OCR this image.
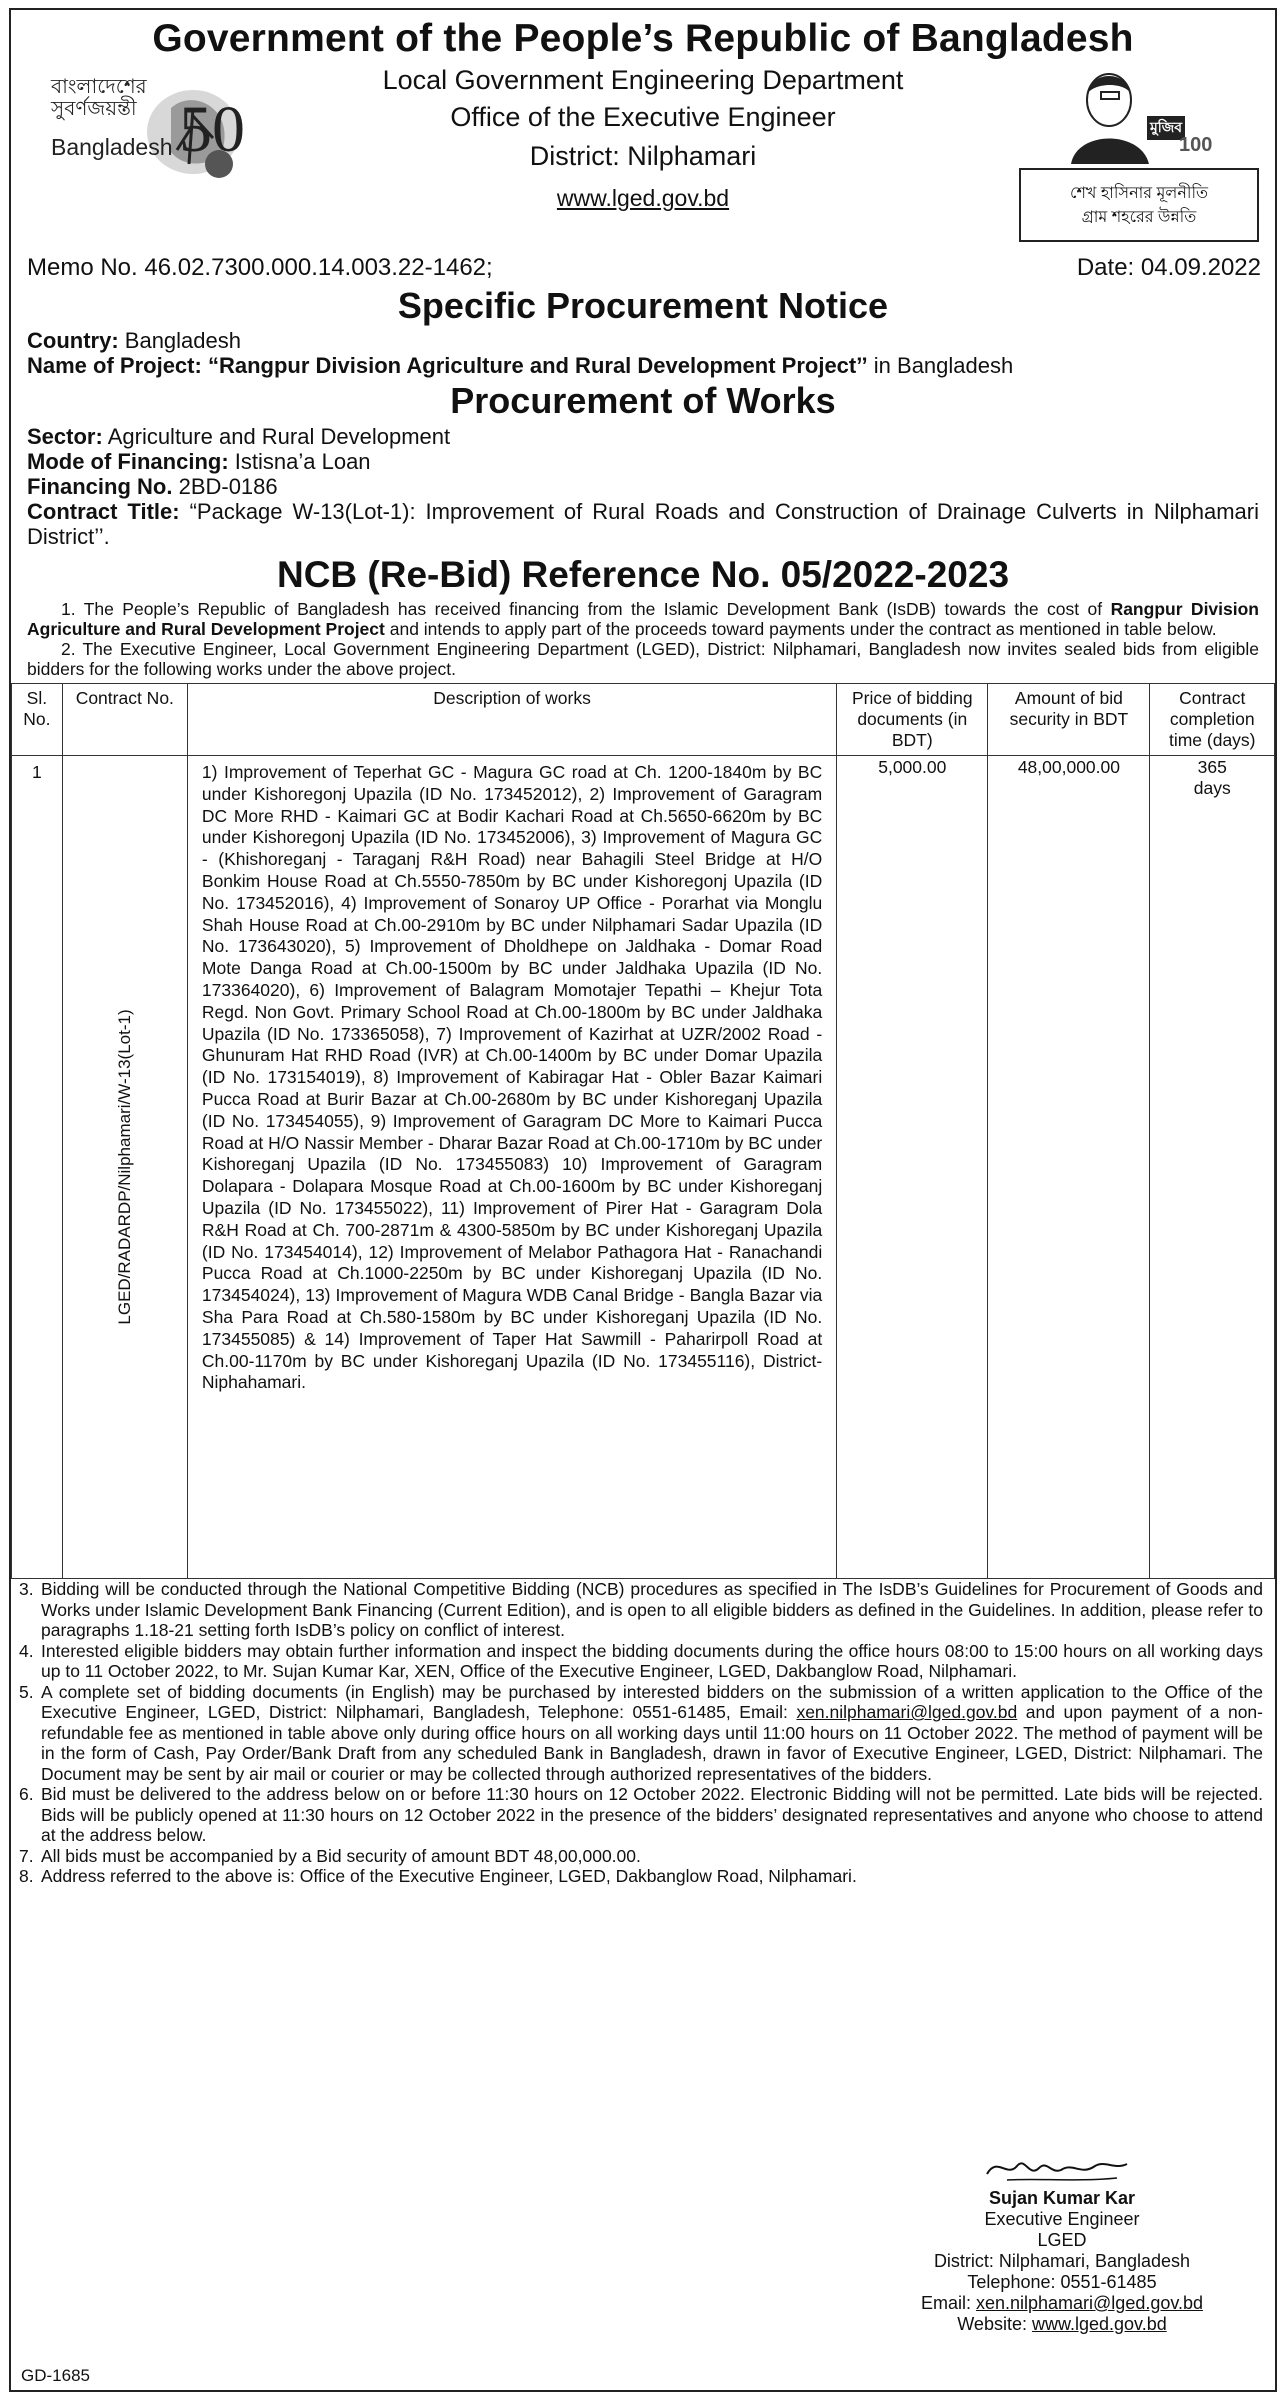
Government of the People’s Republic of Bangladesh
Local Government Engineering Department
Office of the Executive Engineer
District: Nilphamari
www.lged.gov.bd
বাংলাদেশের
সুবর্ণজয়ন্তী
Bangladesh 50	মুজিব
100
শেখ হাসিনার মূলনীতি
গ্রাম শহরের উন্নতি
Memo No. 46.02.7300.000.14.003.22-1462;	Date: 04.09.2022
Specific Procurement Notice
Country: Bangladesh
Name of Project: “Rangpur Division Agriculture and Rural Development Project’’ in Bangladesh
Procurement of Works
Sector: Agriculture and Rural Development
Mode of Financing: Istisna’a Loan
Financing No. 2BD-0186
Contract Title: “Package W-13(Lot-1): Improvement of Rural Roads and Construction of Drainage Culverts in Nilphamari District’’.
NCB (Re-Bid) Reference No. 05/2022-2023
1. The People’s Republic of Bangladesh has received financing from the Islamic Development Bank (IsDB) towards the cost of Rangpur Division Agriculture and Rural Development Project and intends to apply part of the proceeds toward payments under the contract as mentioned in table below.
2. The Executive Engineer, Local Government Engineering Department (LGED), District: Nilphamari, Bangladesh now invites sealed bids from eligible bidders for the following works under the above project.
Sl. No.	Contract No.	Description of works	Price of bidding documents (in BDT)	Amount of bid security in BDT	Contract completion time (days)
1	LGED/RADARDP/Nilphamari/W-13(Lot-1)	1) Improvement of Teperhat GC - Magura GC road at Ch. 1200-1840m by BC under Kishoregonj Upazila (ID No. 173452012), 2) Improvement of Garagram DC More RHD - Kaimari GC at Bodir Kachari Road at Ch.5650-6620m by BC under Kishoregonj Upazila (ID No. 173452006), 3) Improvement of Magura GC - (Khishoreganj - Taraganj R&H Road) near Bahagili Steel Bridge at H/O Bonkim House Road at Ch.5550-7850m by BC under Kishoregonj Upazila (ID No. 173452016), 4) Improvement of Sonaroy UP Office - Porarhat via Monglu Shah House Road at Ch.00-2910m by BC under Nilphamari Sadar Upazila (ID No. 173643020), 5) Improvement of Dholdhepe on Jaldhaka - Domar Road Mote Danga Road at Ch.00-1500m by BC under Jaldhaka Upazila (ID No. 173364020), 6) Improvement of Balagram Momotajer Tepathi – Khejur Tota Regd. Non Govt. Primary School Road at Ch.00-1800m by BC under Jaldhaka Upazila (ID No. 173365058), 7) Improvement of Kazirhat at UZR/2002 Road - Ghunuram Hat RHD Road (IVR) at Ch.00-1400m by BC under Domar Upazila (ID No. 173154019), 8) Improvement of Kabiragar Hat - Obler Bazar Kaimari Pucca Road at Burir Bazar at Ch.00-2680m by BC under Kishoreganj Upazila (ID No. 173454055), 9) Improvement of Garagram DC More to Kaimari Pucca Road at H/O Nassir Member - Dharar Bazar Road at Ch.00-1710m by BC under Kishoreganj Upazila (ID No. 173455083) 10) Improvement of Garagram Dolapara - Dolapara Mosque Road at Ch.00-1600m by BC under Kishoreganj Upazila (ID No. 173455022), 11) Improvement of Pirer Hat - Garagram Dola R&H Road at Ch. 700-2871m & 4300-5850m by BC under Kishoreganj Upazila (ID No. 173454014), 12) Improvement of Melabor Pathagora Hat - Ranachandi Pucca Road at Ch.1000-2250m by BC under Kishoreganj Upazila (ID No. 173454024), 13) Improvement of Magura WDB Canal Bridge - Bangla Bazar via Sha Para Road at Ch.580-1580m by BC under Kishoreganj Upazila (ID No. 173455085) & 14) Improvement of Taper Hat Sawmill - Paharirpoll Road at Ch.00-1170m by BC under Kishoreganj Upazila (ID No. 173455116), District- Niphahamari.	5,000.00	48,00,000.00	365
days
3. Bidding will be conducted through the National Competitive Bidding (NCB) procedures as specified in The IsDB’s Guidelines for Procurement of Goods and Works under Islamic Development Bank Financing (Current Edition), and is open to all eligible bidders as defined in the Guidelines. In addition, please refer to paragraphs 1.18-21 setting forth IsDB’s policy on conflict of interest.
4. Interested eligible bidders may obtain further information and inspect the bidding documents during the office hours 08:00 to 15:00 hours on all working days up to 11 October 2022, to Mr. Sujan Kumar Kar, XEN, Office of the Executive Engineer, LGED, Dakbanglow Road, Nilphamari.
5. A complete set of bidding documents (in English) may be purchased by interested bidders on the submission of a written application to the Office of the Executive Engineer, LGED, District: Nilphamari, Bangladesh, Telephone: 0551-61485, Email: xen.nilphamari@lged.gov.bd and upon payment of a non-refundable fee as mentioned in table above only during office hours on all working days until 11:00 hours on 11 October 2022. The method of payment will be in the form of Cash, Pay Order/Bank Draft from any scheduled Bank in Bangladesh, drawn in favor of Executive Engineer, LGED, District: Nilphamari. The Document may be sent by air mail or courier or may be collected through authorized representatives of the bidders.
6. Bid must be delivered to the address below on or before 11:30 hours on 12 October 2022. Electronic Bidding will not be permitted. Late bids will be rejected. Bids will be publicly opened at 11:30 hours on 12 October 2022 in the presence of the bidders’ designated representatives and anyone who choose to attend at the address below.
7. All bids must be accompanied by a Bid security of amount BDT 48,00,000.00.
8. Address referred to the above is: Office of the Executive Engineer, LGED, Dakbanglow Road, Nilphamari.
Sujan Kumar Kar
Executive Engineer
LGED
District: Nilphamari, Bangladesh
Telephone: 0551-61485
Email: xen.nilphamari@lged.gov.bd
Website: www.lged.gov.bd
GD-1685
